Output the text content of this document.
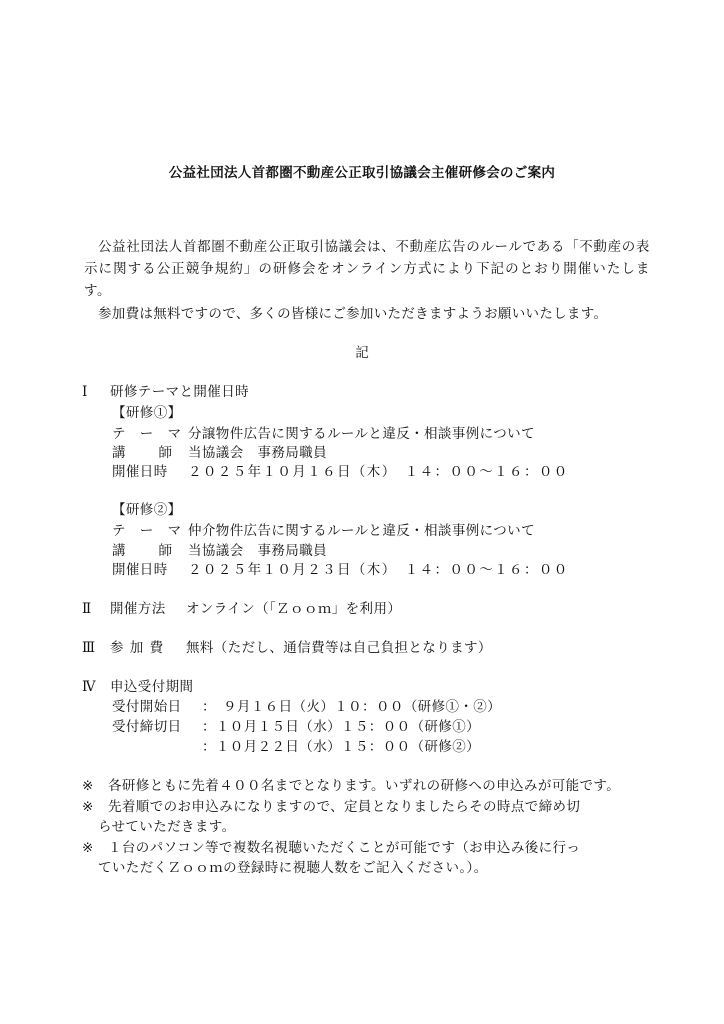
公益社団法人首都圏不動産公正取引協議会主催研修会のご案内
公益社団法人首都圏不動産公正取引協議会は、不動産広告のルールである「不動産の表示に関する公正競争規約」の研修会をオンライン方式により下記のとおり開催いたします。
参加費は無料ですので、多くの皆様にご参加いただきますようお願いいたします。
記
Ⅰ 研修テーマと開催日時
【研修①】
テ　ー　マ 分譲物件広告に関するルールと違反・相談事例について
講　　師 当協議会　事務局職員
開催日時 ２０２５年１０月１６日（木）　１４：００～１６：００
【研修②】
テ　ー　マ 仲介物件広告に関するルールと違反・相談事例について
講　　師 当協議会　事務局職員
開催日時 ２０２５年１０月２３日（木）　１４：００～１６：００
Ⅱ 開催方法 オンライン（「Ｚｏｏｍ」を利用）
Ⅲ 参 加 費 無料（ただし、通信費等は自己負担となります）
Ⅳ 申込受付期間
受付開始日 ：　９月１６日（火）１０：００（研修①・②）
受付締切日 ：１０月１５日（水）１５：００（研修①）
：１０月２２日（水）１５：００（研修②）
※ 各研修ともに先着４００名までとなります。いずれの研修への申込みが可能です。
※ 先着順でのお申込みになりますので、定員となりましたらその時点で締め切
らせていただきます。
※ １台のパソコン等で複数名視聴いただくことが可能です（お申込み後に行っ
ていただくＺｏｏｍの登録時に視聴人数をご記入ください。）。
